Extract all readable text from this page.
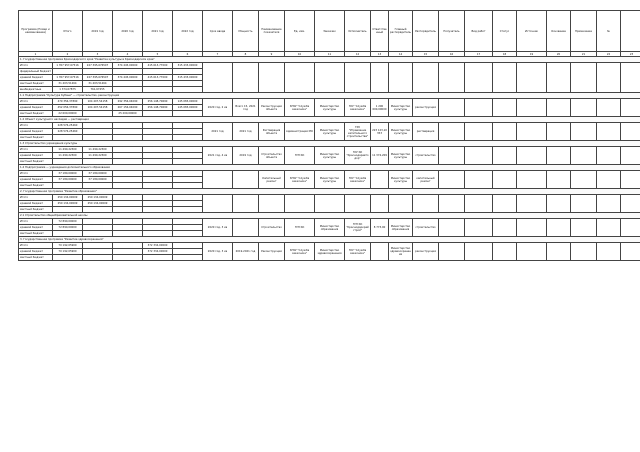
Программа (Номер и наименование)	Итого	2019 год	2020 год	2021 год	2022 год	Срок ввода	Мощность	Наименование показателя	Ед. изм.	Заказчик	Исполнитель	Ответственный	Главный распорядитель	Распорядитель	Получатель	Вид работ	Статус	Источник	Основание	Примечание	№	
1	2	3	4	5	6	7	8	9	10	11	12	13	14	15	16	17	18	19	20	21	22	23
1. Государственная программа Краснодарского края "Развитие культуры в Краснодарском крае"																						
Итого	1 357 957,67516	247 395,676507	374 445,00000	415 613,77000	315 433,00000																	
федеральный бюджет																						
краевой бюджет	1 357 957,67516	247 395,676507	374 445,00000	415 613,77000	315 433,00000																	
местный бюджет	31 403,51264	31 403,51264																				
внебюджетные	1 374,07875	761,67455																				
1.1 Подпрограмма "Культура Кубани" — строительство, реконструкция																						
Итого	479 356,37890	104 407,54158	292 356,04090	256 148,70690	145 083,00000	2020 год, 2 кв	Всего 15, 2021 год	Реконструкция объекта	КГБУ "Служба заказчика"	Министерство культуры	ГКУ "Служба заказчика"	1 200 000,00000	Министерство культуры	реконструкция								
краевой бюджет	452 056,37890	104 407,54158	267 156,04090	256 148,70690	145 083,00000																	
местный бюджет	22 600,00000		25 200,00000																			
1.2 Объект культурного наследия — реставрация																						
Итого	228 576,25460					2021 год	2021 год	Реставрация объекта	Администрация МО	Министерство культуры	ГКУ "Управление капитального строительства"	223 123,10 353	Министерство культуры	реставрация								
краевой бюджет	228 576,25460																					
местный бюджет																						
1.3 Строительство учреждения культуры																						
Итого	11 490,22300	11 490,22300				2021 год, 4 кв	2019 год	Строительство объекта	ГУП КК	Министерство культуры	ГКУ КК "Краснодаравтодор"	11 374,209	Министерство культуры	строительство								
краевой бюджет	11 490,22300	11 490,22300																				
местный бюджет																						
1.4 Подпрограмма — учреждения дополнительного образования																						
Итого	37 180,00000	37 180,00000						Капитальный ремонт	КГБУ "Служба заказчика"	Министерство культуры	ГКУ "Служба заказчика"		Министерство культуры	капитальный ремонт								
краевой бюджет	37 180,00000	37 180,00000																				
местный бюджет																						
2. Государственная программа "Развитие образования"																						
Итого	250 134,00009	250 134,00009																				
краевой бюджет	250 134,00009	250 134,00009																				
местный бюджет																						
2.1 Строительство общеобразовательной школы																						
Итого	72 890,00000					2020 год, 3 кв		Строительство	ГУП КК	Министерство образования	ГУП КК "Краснодаркрайстрой"	8 773,00	Министерство образования	строительство								
краевой бюджет	72 890,00000																					
местный бюджет																						
3. Государственная программа "Развитие здравоохранения"																						
Итого	70 192,05900			372 334,00000		2020 год, 3 кв	2019-2021 год	Реконструкция	КГБУ "Служба заказчика"	Министерство здравоохранения	ГКУ "Служба заказчика"		Министерство здравоохранения	реконструкция								
краевой бюджет	70 192,05900			372 334,00000																		
местный бюджет																						
